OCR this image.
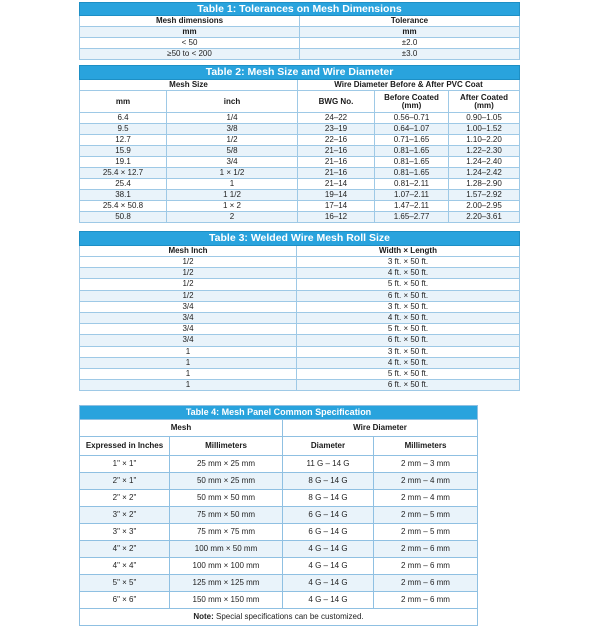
Table 1: Tolerances on Mesh Dimensions	
Mesh dimensions	Tolerance
mm	mm
< 50	±2.0
≥50 to < 200	±3.0
Table 2: Mesh Size and Wire Diameter				
Mesh Size		Wire Diameter Before & After PVC Coat		
mm	inch	BWG No.	Before Coated (mm)	After Coated (mm)
6.4	1/4	24–22	0.56–0.71	0.90–1.05
9.5	3/8	23–19	0.64–1.07	1.00–1.52
12.7	1/2	22–16	0.71–1.65	1.10–2.20
15.9	5/8	21–16	0.81–1.65	1.22–2.30
19.1	3/4	21–16	0.81–1.65	1.24–2.40
25.4 × 12.7	1 × 1/2	21–16	0.81–1.65	1.24–2.42
25.4	1	21–14	0.81–2.11	1.28–2.90
38.1	1 1/2	19–14	1.07–2.11	1.57–2.92
25.4 × 50.8	1 × 2	17–14	1.47–2.11	2.00–2.95
50.8	2	16–12	1.65–2.77	2.20–3.61
Table 3: Welded Wire Mesh Roll Size	
Mesh Inch	Width × Length
1/2	3 ft. × 50 ft.
1/2	4 ft. × 50 ft.
1/2	5 ft. × 50 ft.
1/2	6 ft. × 50 ft.
3/4	3 ft. × 50 ft.
3/4	4 ft. × 50 ft.
3/4	5 ft. × 50 ft.
3/4	6 ft. × 50 ft.
1	3 ft. × 50 ft.
1	4 ft. × 50 ft.
1	5 ft. × 50 ft.
1	6 ft. × 50 ft.
Table 4: Mesh Panel Common Specification			
Mesh		Wire Diameter	
Expressed in Inches	Millimeters	Diameter	Millimeters
1" × 1"	25 mm × 25 mm	11 G – 14 G	2 mm – 3 mm
2" × 1"	50 mm × 25 mm	8 G – 14 G	2 mm – 4 mm
2" × 2"	50 mm × 50 mm	8 G – 14 G	2 mm – 4 mm
3" × 2"	75 mm × 50 mm	6 G – 14 G	2 mm – 5 mm
3" × 3"	75 mm × 75 mm	6 G – 14 G	2 mm – 5 mm
4" × 2"	100 mm × 50 mm	4 G – 14 G	2 mm – 6 mm
4" × 4"	100 mm × 100 mm	4 G – 14 G	2 mm – 6 mm
5" × 5"	125 mm × 125 mm	4 G – 14 G	2 mm – 6 mm
6" × 6"	150 mm × 150 mm	4 G – 14 G	2 mm – 6 mm
Note: Special specifications can be customized.			
